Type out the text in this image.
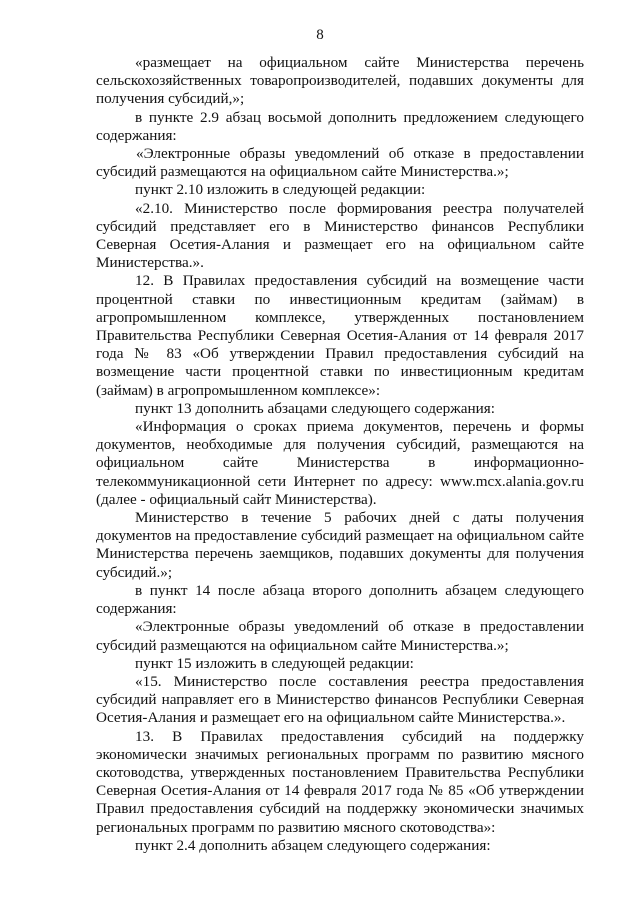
8

«размещает на официальном сайте Министерства перечень сельскохозяйственных товаропроизводителей, подавших документы для получения субсидий,»;

в пункте 2.9 абзац восьмой дополнить предложением следующего содержания:

«Электронные образы уведомлений об отказе в предоставлении субсидий размещаются на официальном сайте Министерства.»;

пункт 2.10 изложить в следующей редакции:

«2.10. Министерство после формирования реестра получателей субсидий представляет его в Министерство финансов Республики Северная Осетия-Алания и размещает его на официальном сайте Министерства.».

12. В Правилах предоставления субсидий на возмещение части процентной ставки по инвестиционным кредитам (займам) в агропромышленном комплексе, утвержденных постановлением Правительства Республики Северная Осетия-Алания от 14 февраля 2017 года № 83 «Об утверждении Правил предоставления субсидий на возмещение части процентной ставки по инвестиционным кредитам (займам) в агропромышленном комплексе»:

пункт 13 дополнить абзацами следующего содержания:

«Информация о сроках приема документов, перечень и формы документов, необходимые для получения субсидий, размещаются на официальном сайте Министерства в информационно-телекоммуникационной сети Интернет по адресу: www.mcx.alania.gov.ru (далее - официальный сайт Министерства).

Министерство в течение 5 рабочих дней с даты получения документов на предоставление субсидий размещает на официальном сайте Министерства перечень заемщиков, подавших документы для получения субсидий.»;

в пункт 14 после абзаца второго дополнить абзацем следующего содержания:

«Электронные образы уведомлений об отказе в предоставлении субсидий размещаются на официальном сайте Министерства.»;

пункт 15 изложить в следующей редакции:

«15. Министерство после составления реестра предоставления субсидий направляет его в Министерство финансов Республики Северная Осетия-Алания и размещает его на официальном сайте Министерства.».

13. В Правилах предоставления субсидий на поддержку экономически значимых региональных программ по развитию мясного скотоводства, утвержденных постановлением Правительства Республики Северная Осетия-Алания от 14 февраля 2017 года № 85 «Об утверждении Правил предоставления субсидий на поддержку экономически значимых региональных программ по развитию мясного скотоводства»:

пункт 2.4 дополнить абзацем следующего содержания:
